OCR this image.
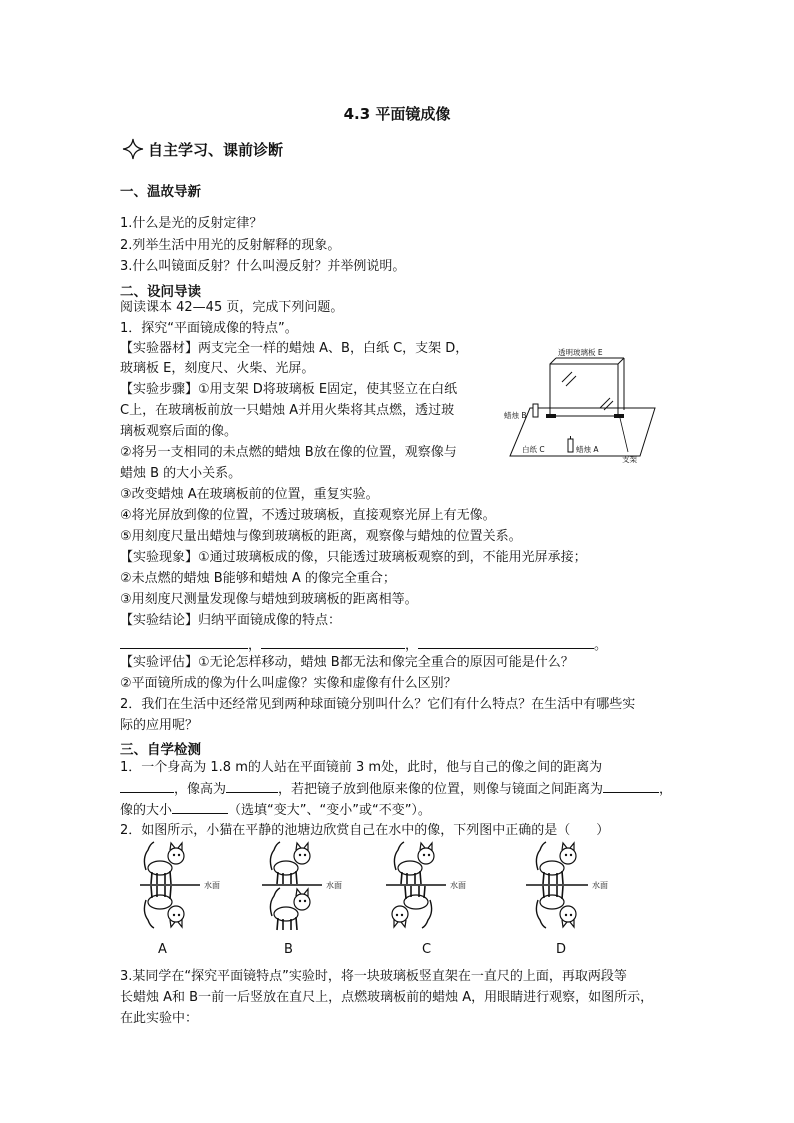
4.3 平面镜成像
自主学习、课前诊断
一、温故导新
1.什么是光的反射定律？
2.列举生活中用光的反射解释的现象。
3.什么叫镜面反射？什么叫漫反射？并举例说明。
二、设问导读
阅读课本 42—45 页，完成下列问题。
1．探究“平面镜成像的特点”。
【实验器材】两支完全一样的蜡烛 A、B，白纸 C，支架 D，
玻璃板 E，刻度尺、火柴、光屏。
【实验步骤】①用支架 D将玻璃板 E固定，使其竖立在白纸
C上，在玻璃板前放一只蜡烛 A并用火柴将其点燃，透过玻
璃板观察后面的像。
②将另一支相同的未点燃的蜡烛 B放在像的位置，观察像与
蜡烛 B 的大小关系。
③改变蜡烛 A在玻璃板前的位置，重复实验。
④将光屏放到像的位置，不透过玻璃板，直接观察光屏上有无像。
⑤用刻度尺量出蜡烛与像到玻璃板的距离，观察像与蜡烛的位置关系。
【实验现象】①通过玻璃板成的像，只能透过玻璃板观察的到，不能用光屏承接；
②未点燃的蜡烛 B能够和蜡烛 A 的像完全重合；
③用刻度尺测量发现像与蜡烛到玻璃板的距离相等。
【实验结论】归纳平面镜成像的特点：
，	，	。
【实验评估】①无论怎样移动，蜡烛 B都无法和像完全重合的原因可能是什么？
②平面镜所成的像为什么叫虚像？实像和虚像有什么区别？
2．我们在生活中还经常见到两种球面镜分别叫什么？它们有什么特点？在生活中有哪些实
际的应用呢？
三、自学检测
1．一个身高为 1.8 m的人站在平面镜前 3 m处，此时，他与自己的像之间的距离为
，像高为	，若把镜子放到他原来像的位置，则像与镜面之间距离为	，
像的大小	（选填“变大”、“变小”或“不变”）。
2．如图所示，小猫在平静的池塘边欣赏自己在水中的像，下列图中正确的是（　　）
透明玻璃板 E
蜡烛 B
白纸 C	蜡烛 A
支架
水面	水面	水面	水面
A	B	C	D
3.某同学在“探究平面镜特点”实验时，将一块玻璃板竖直架在一直尺的上面，再取两段等
长蜡烛 A和 B一前一后竖放在直尺上，点燃玻璃板前的蜡烛 A，用眼睛进行观察，如图所示，
在此实验中：
